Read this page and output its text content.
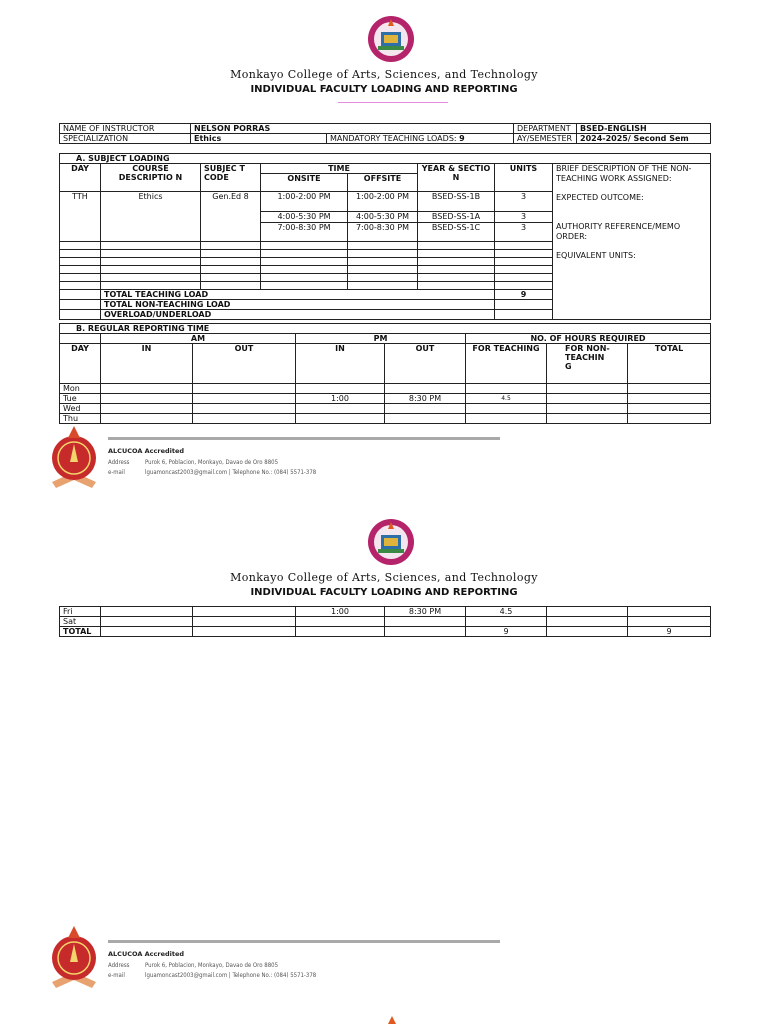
Monkayo College of Arts, Sciences, and Technology
INDIVIDUAL FACULTY LOADING AND REPORTING
NAME OF INSTRUCTOR	NELSON PORRAS		DEPARTMENT	BSED-ENGLISH
SPECIALIZATION	Ethics	MANDATORY TEACHING LOADS: 9	AY/SEMESTER	2024-2025/ Second Sem
A. SUBJECT LOADING							
DAY	COURSE DESCRIPTIO N	SUBJEC T CODE	TIME		YEAR & SECTIO N	UNITS	BRIEF DESCRIPTION OF THE NON-TEACHING WORK ASSIGNED:
EXPECTED OUTCOME:
AUTHORITY REFERENCE/MEMO ORDER:
EQUIVALENT UNITS:

			ONSITE	OFFSITE			
TTH	Ethics	Gen.Ed 8	1:00-2:00 PM	1:00-2:00 PM	BSED-SS-1B	3	
			4:00-5:30 PM	4:00-5:30 PM	BSED-SS-1A	3	
			7:00-8:30 PM	7:00-8:30 PM	BSED-SS-1C	3	

	TOTAL TEACHING LOAD					9	
	TOTAL NON-TEACHING LOAD						
	OVERLOAD/UNDERLOAD						
B. REGULAR REPORTING TIME							
	AM		PM		NO. OF HOURS REQUIRED		
DAY	IN	OUT	IN	OUT	FOR TEACHING	FOR NON-TEACHIN G	TOTAL
Mon							
Tue			1:00	8:30 PM	4.5		
Wed							
Thu							
ALCUCOA Accredited
Address	Purok 6, Poblacion, Monkayo, Davao de Oro 8805
e-mail	lguamoncast2003@gmail.com | Telephone No.: (084) 5571-378
Monkayo College of Arts, Sciences, and Technology
INDIVIDUAL FACULTY LOADING AND REPORTING
Fri			1:00	8:30 PM	4.5		
Sat							
TOTAL					9		9
ALCUCOA Accredited
Address	Purok 6, Poblacion, Monkayo, Davao de Oro 8805
e-mail	lguamoncast2003@gmail.com | Telephone No.: (084) 5571-378
